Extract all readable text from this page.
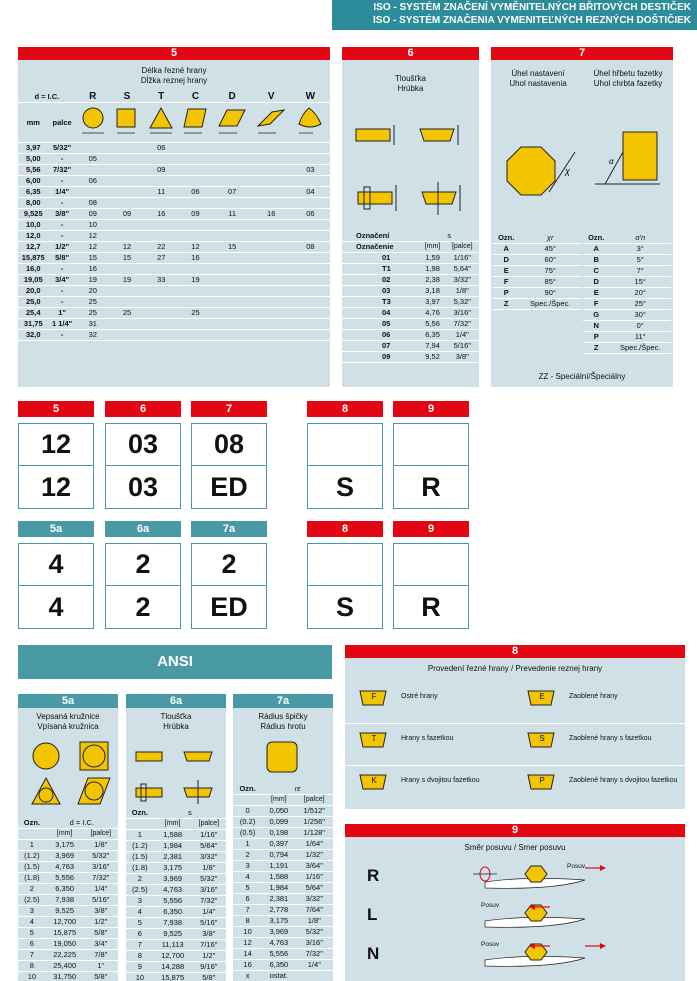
ISO - SYSTÉM ZNAČENÍ VYMĚNITELNÝCH BŘITOVÝCH DESTIČEK
ISO - SYSTÉM ZNAČENIA VYMENITEĽNÝCH REZNÝCH DOŠTIČIEK
5
Délka řezné hrany
Dĺžka reznej hrany
d = I.C.		R	S	T	C	D	V	W
mm	palce							
3,97	5/32"			06				
5,00	-	05						
5,56	7/32"			09				03
6,00	-	06						
6,35	1/4"			11	06	07		04
8,00	-	08						
9,525	3/8"	09	09	16	09	11	16	06
10,0	-	10						
12,0	-	12						
12,7	1/2"	12	12	22	12	15		08
15,875	5/8"	15	15	27	16			
16,0	-	16						
19,05	3/4"	19	19	33	19			
20,0	-	20						
25,0	-	25						
25,4	1"	25	25		25			
31,75	1 1/4"	31						
32,0	-	32						
6
Tloušťka
Hrúbka
Označení	s	
Označenie	[mm]	[palce]
01	1,59	1/16"
T1	1,98	5,64"
02	2,38	3/32"
03	3,18	1/8"
T3	3,97	5,32"
04	4,76	3/16"
05	5,56	7/32"
06	6,35	1/4"
07	7,94	5/16"
09	9,52	3/8"
7
Úhel nastavení
Uhol nastavenia
Úhel hřbetu fazetky
Uhol chrbta fazetky
χ
α
Ozn.	χr
A	45°
D	60°
E	75°
F	85°
P	90°
Z	Spec./Špec.
Ozn.	α'n
A	3°
B	5°
C	7°
D	15°
E	20°
F	25°
G	30°
N	0°
P	11°
Z	Spec./Špec.
ZZ - Speciální/Špeciálny
5
12
12
6
03
03
7
08
ED
8
S
9
R
5a
4
4
6a
2
2
7a
2
ED
8
S
9
R
ANSI
5a
Vepsaná kružnice
Vpísaná kružnica
Ozn.	d = I.C.	
	[mm]	[palce]
1	3,175	1/8"
(1.2)	3,969	5/32"
(1.5)	4,763	3/16"
(1.8)	5,556	7/32"
2	6,350	1/4"
(2.5)	7,938	5/16"
3	9,525	3/8"
4	12,700	1/2"
5	15,875	5/8"
6	19,050	3/4"
7	22,225	7/8"
8	25,400	1"
10	31,750	5/8"
6a
Tloušťka
Hrúbka
Ozn.	s	
	[mm]	[palce]
1	1,588	1/16"
(1.2)	1,984	5/64"
(1.5)	2,381	3/32"
(1.8)	3,175	1/8"
2	3,969	5/32"
(2.5)	4,763	3/16"
3	5,556	7/32"
4	6,350	1/4"
5	7,938	5/16"
6	9,525	3/8"
7	11,113	7/16"
8	12,700	1/2"
9	14,288	9/16"
10	15,875	5/8"
7a
Rádius špičky
Rádius hrotu
Ozn.	rε	
	[mm]	[palce]
0	0,050	1/512"
(0.2)	0,099	1/256"
(0.5)	0,198	1/128"
1	0,397	1/64"
2	0,794	1/32"
3	1,191	3/64"
4	1,588	1/16"
5	1,984	5/64"
6	2,381	3/32"
7	2,778	7/64"
8	3,175	1/8"
10	3,969	5/32"
12	4,763	3/16"
14	5,556	7/32"
16	6,350	1/4"
x	ostat.	
8
Provedení řezné hrany / Prevedenie reznej hrany
F	Ostré hrany	E	Zaoblené hrany
T	Hrany s fazetkou	S	Zaoblené hrany s fazetkou
K	Hrany s dvojitou fazetkou	P	Zaoblené hrany s dvojitou fazetkou
9
Směr posuvu / Smer posuvu
R	Posuv
L	Posuv
N	Posuv
